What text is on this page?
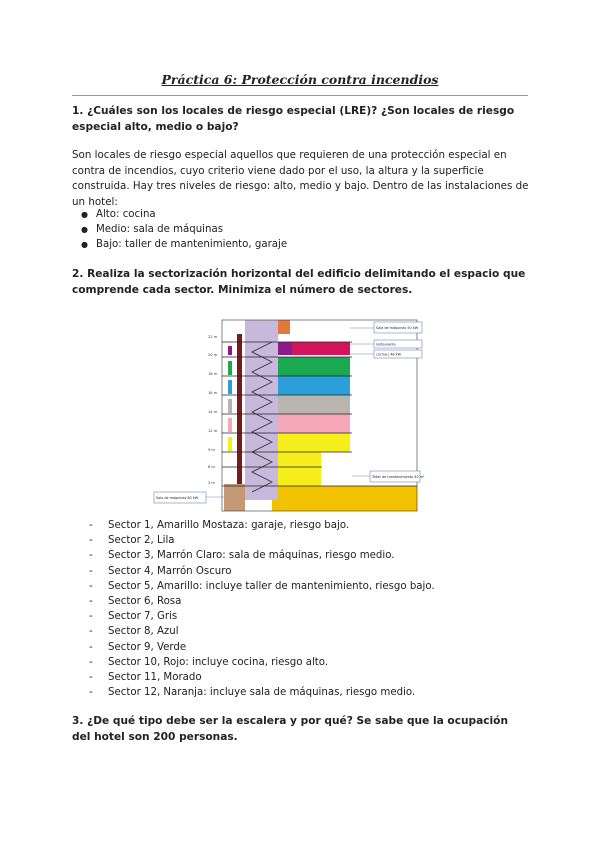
Práctica 6: Protección contra incendios
1. ¿Cuáles son los locales de riesgo especial (LRE)? ¿Son locales de riesgo especial alto, medio o bajo?
Son locales de riesgo especial aquellos que requieren de una protección especial en contra de incendios, cuyo criterio viene dado por el uso, la altura y la superficie construida. Hay tres niveles de riesgo: alto, medio y bajo. Dentro de las instalaciones de un hotel:
● Alto: cocina
● Medio: sala de máquinas
● Bajo: taller de mantenimiento, garaje
2. Realiza la sectorización horizontal del edificio delimitando el espacio que comprende cada sector. Minimiza el número de sectores.
22 m
20 m
18 m
16 m
14 m
12 m
9 m
6 m
3 m
Sala de máquinas 50 kW
restaurante
cocina | 48 kW
Taller de mantenimiento 40 m²
Sala de máquinas 80 kW
- Sector 1, Amarillo Mostaza: garaje, riesgo bajo.
- Sector 2, Lila
- Sector 3, Marrón Claro: sala de máquinas, riesgo medio.
- Sector 4, Marrón Oscuro
- Sector 5, Amarillo: incluye taller de mantenimiento, riesgo bajo.
- Sector 6, Rosa
- Sector 7, Gris
- Sector 8, Azul
- Sector 9, Verde
- Sector 10, Rojo: incluye cocina, riesgo alto.
- Sector 11, Morado
- Sector 12, Naranja: incluye sala de máquinas, riesgo medio.
3. ¿De qué tipo debe ser la escalera y por qué? Se sabe que la ocupación del hotel son 200 personas.
